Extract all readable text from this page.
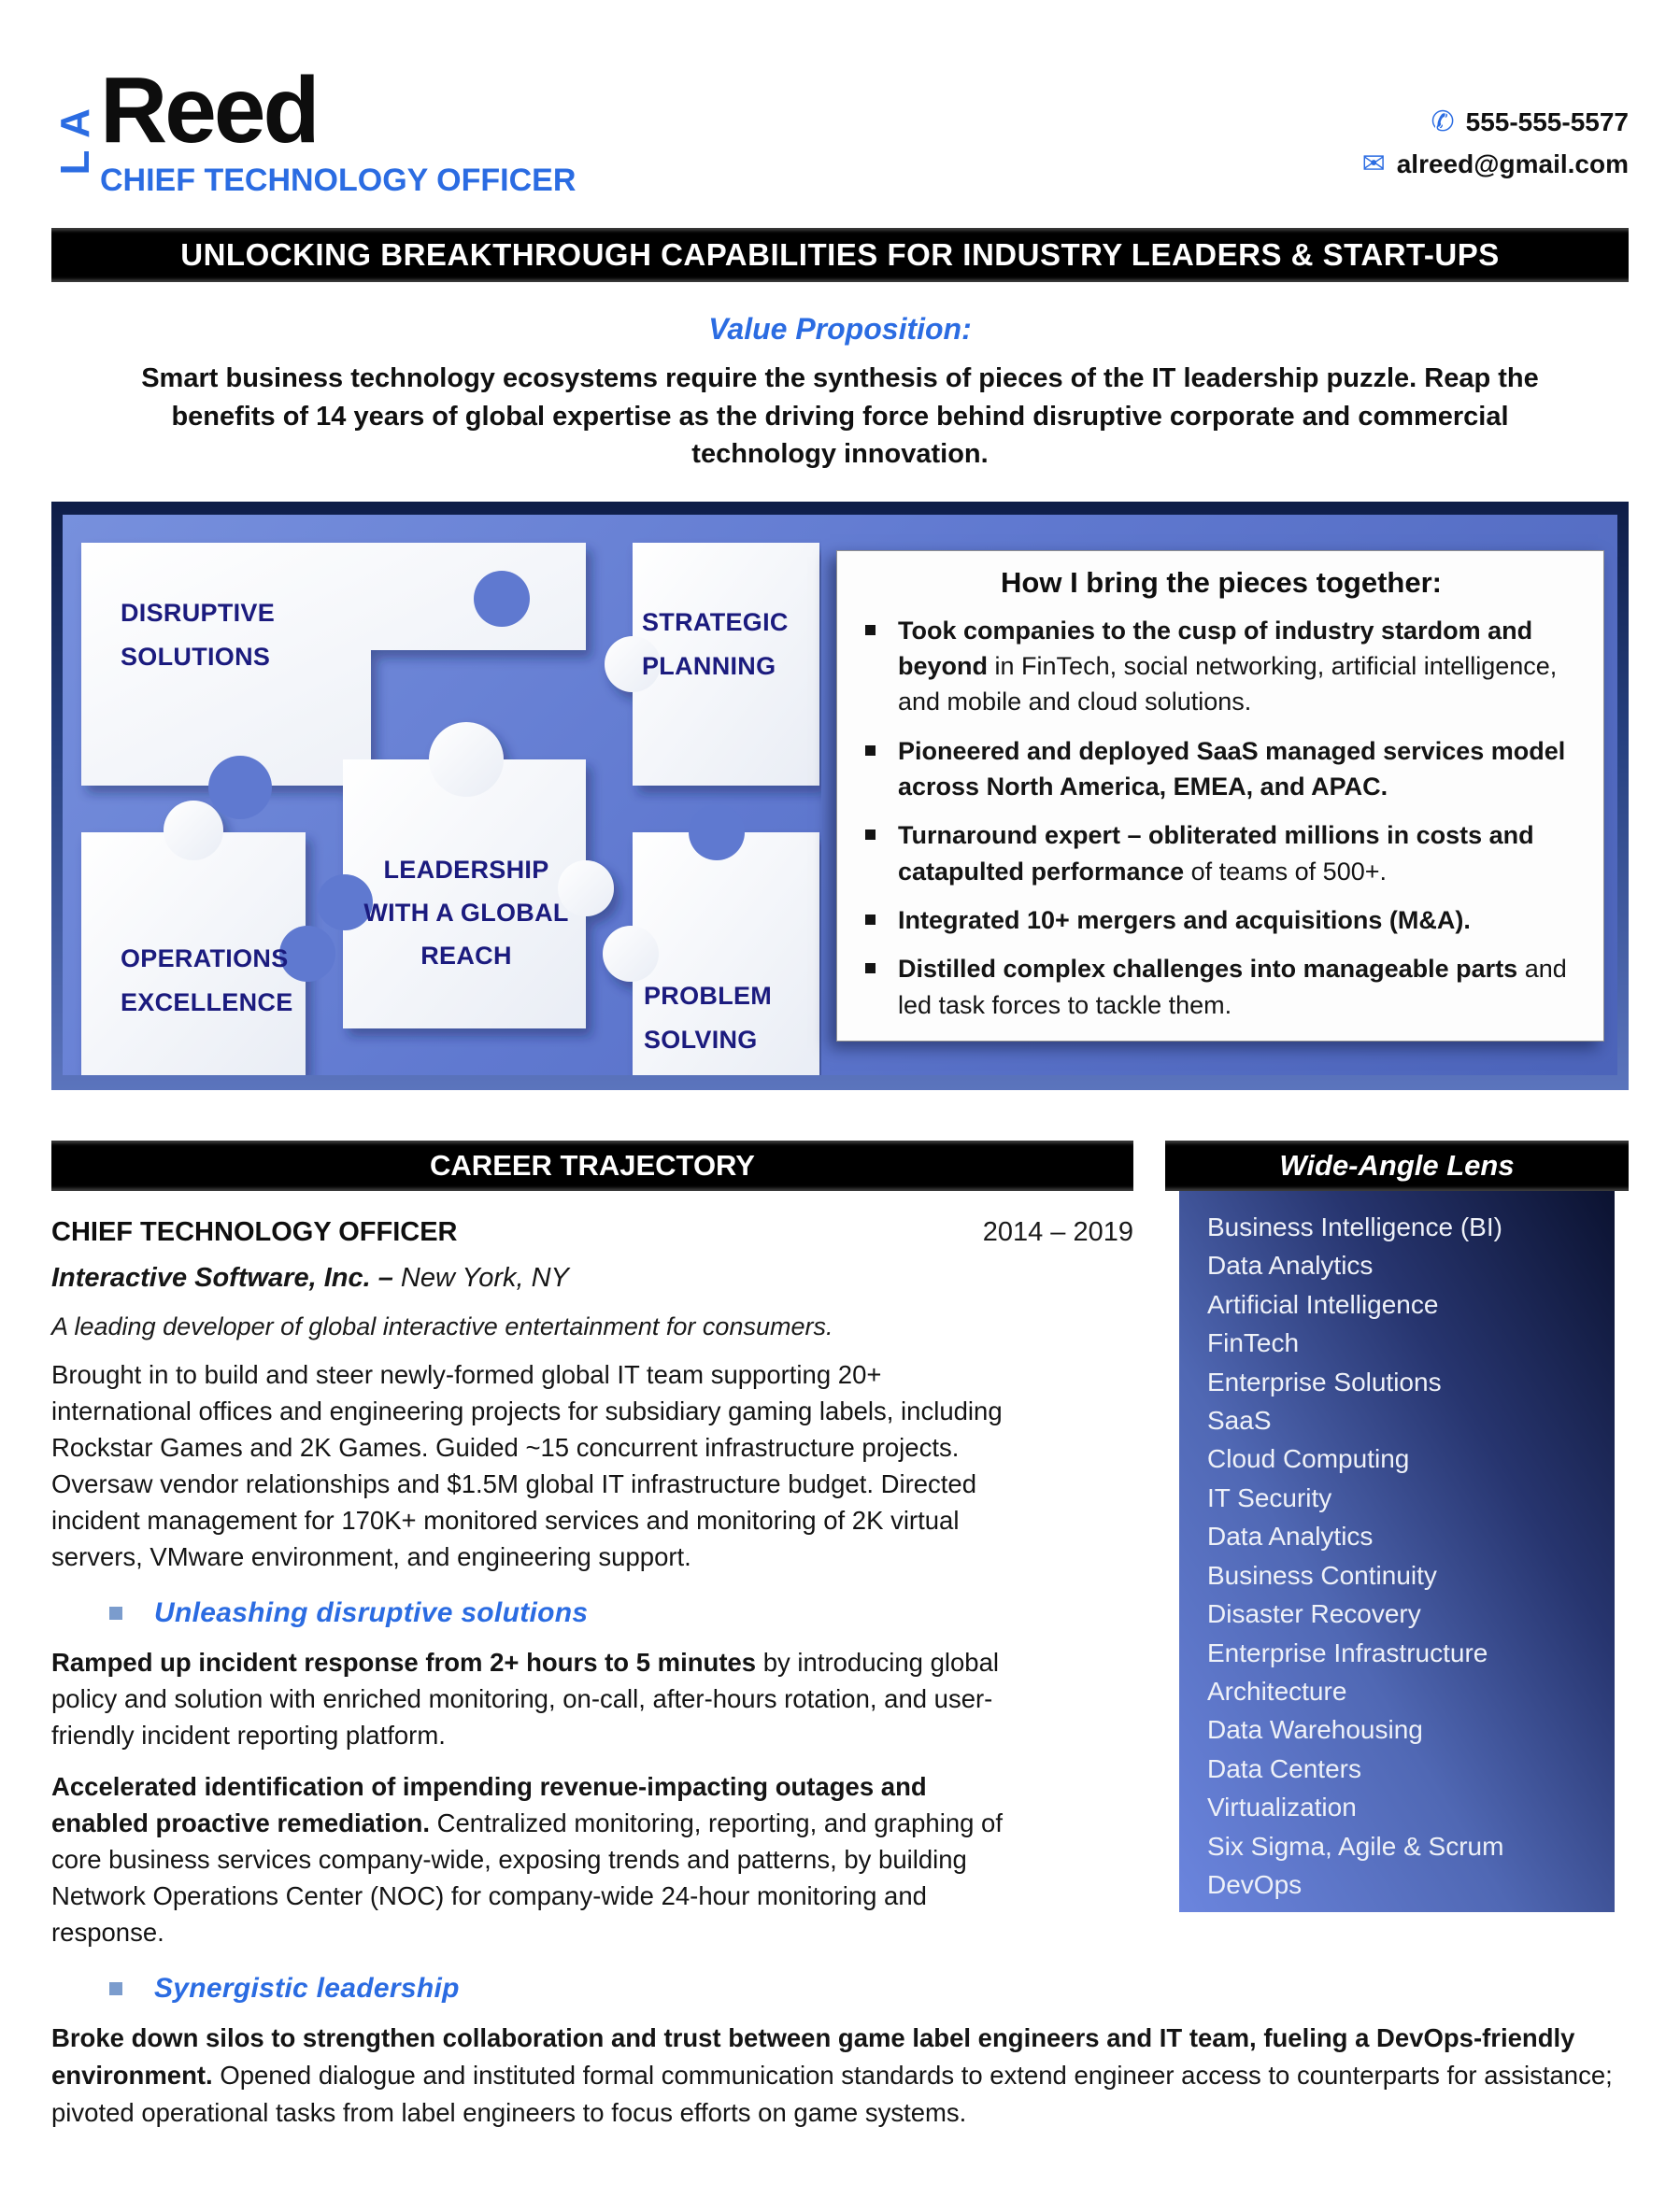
A
L
Reed
CHIEF TECHNOLOGY OFFICER
✆ 555-555-5577
✉ alreed@gmail.com
UNLOCKING BREAKTHROUGH CAPABILITIES FOR INDUSTRY LEADERS & START-UPS
Value Proposition:
Smart business technology ecosystems require the synthesis of pieces of the IT leadership puzzle. Reap the benefits of 14 years of global expertise as the driving force behind disruptive corporate and commercial technology innovation.
DISRUPTIVE SOLUTIONS
STRATEGIC PLANNING
LEADERSHIP WITH A GLOBAL REACH
OPERATIONS EXCELLENCE	PROBLEM SOLVING
How I bring the pieces together:
Took companies to the cusp of industry stardom and beyond in FinTech, social networking, artificial intelligence, and mobile and cloud solutions.
Pioneered and deployed SaaS managed services model across North America, EMEA, and APAC.
Turnaround expert – obliterated millions in costs and catapulted performance of teams of 500+.
Integrated 10+ mergers and acquisitions (M&A).
Distilled complex challenges into manageable parts and led task forces to tackle them.
CAREER TRAJECTORY
CHIEF TECHNOLOGY OFFICER	2014 – 2019
Interactive Software, Inc. – New York, NY
A leading developer of global interactive entertainment for consumers.
Brought in to build and steer newly-formed global IT team supporting 20+ international offices and engineering projects for subsidiary gaming labels, including Rockstar Games and 2K Games. Guided ~15 concurrent infrastructure projects. Oversaw vendor relationships and $1.5M global IT infrastructure budget. Directed incident management for 170K+ monitored services and monitoring of 2K virtual servers, VMware environment, and engineering support.
Unleashing disruptive solutions
Ramped up incident response from 2+ hours to 5 minutes by introducing global policy and solution with enriched monitoring, on-call, after-hours rotation, and user-friendly incident reporting platform.
Accelerated identification of impending revenue-impacting outages and enabled proactive remediation. Centralized monitoring, reporting, and graphing of core business services company-wide, exposing trends and patterns, by building Network Operations Center (NOC) for company-wide 24-hour monitoring and response.
Synergistic leadership
Wide-Angle Lens
Business Intelligence (BI)
Data Analytics
Artificial Intelligence
FinTech
Enterprise Solutions
SaaS
Cloud Computing
IT Security
Data Analytics
Business Continuity
Disaster Recovery
Enterprise Infrastructure
Architecture
Data Warehousing
Data Centers
Virtualization
Six Sigma, Agile & Scrum
DevOps
Broke down silos to strengthen collaboration and trust between game label engineers and IT team, fueling a DevOps-friendly environment. Opened dialogue and instituted formal communication standards to extend engineer access to counterparts for assistance; pivoted operational tasks from label engineers to focus efforts on game systems.
